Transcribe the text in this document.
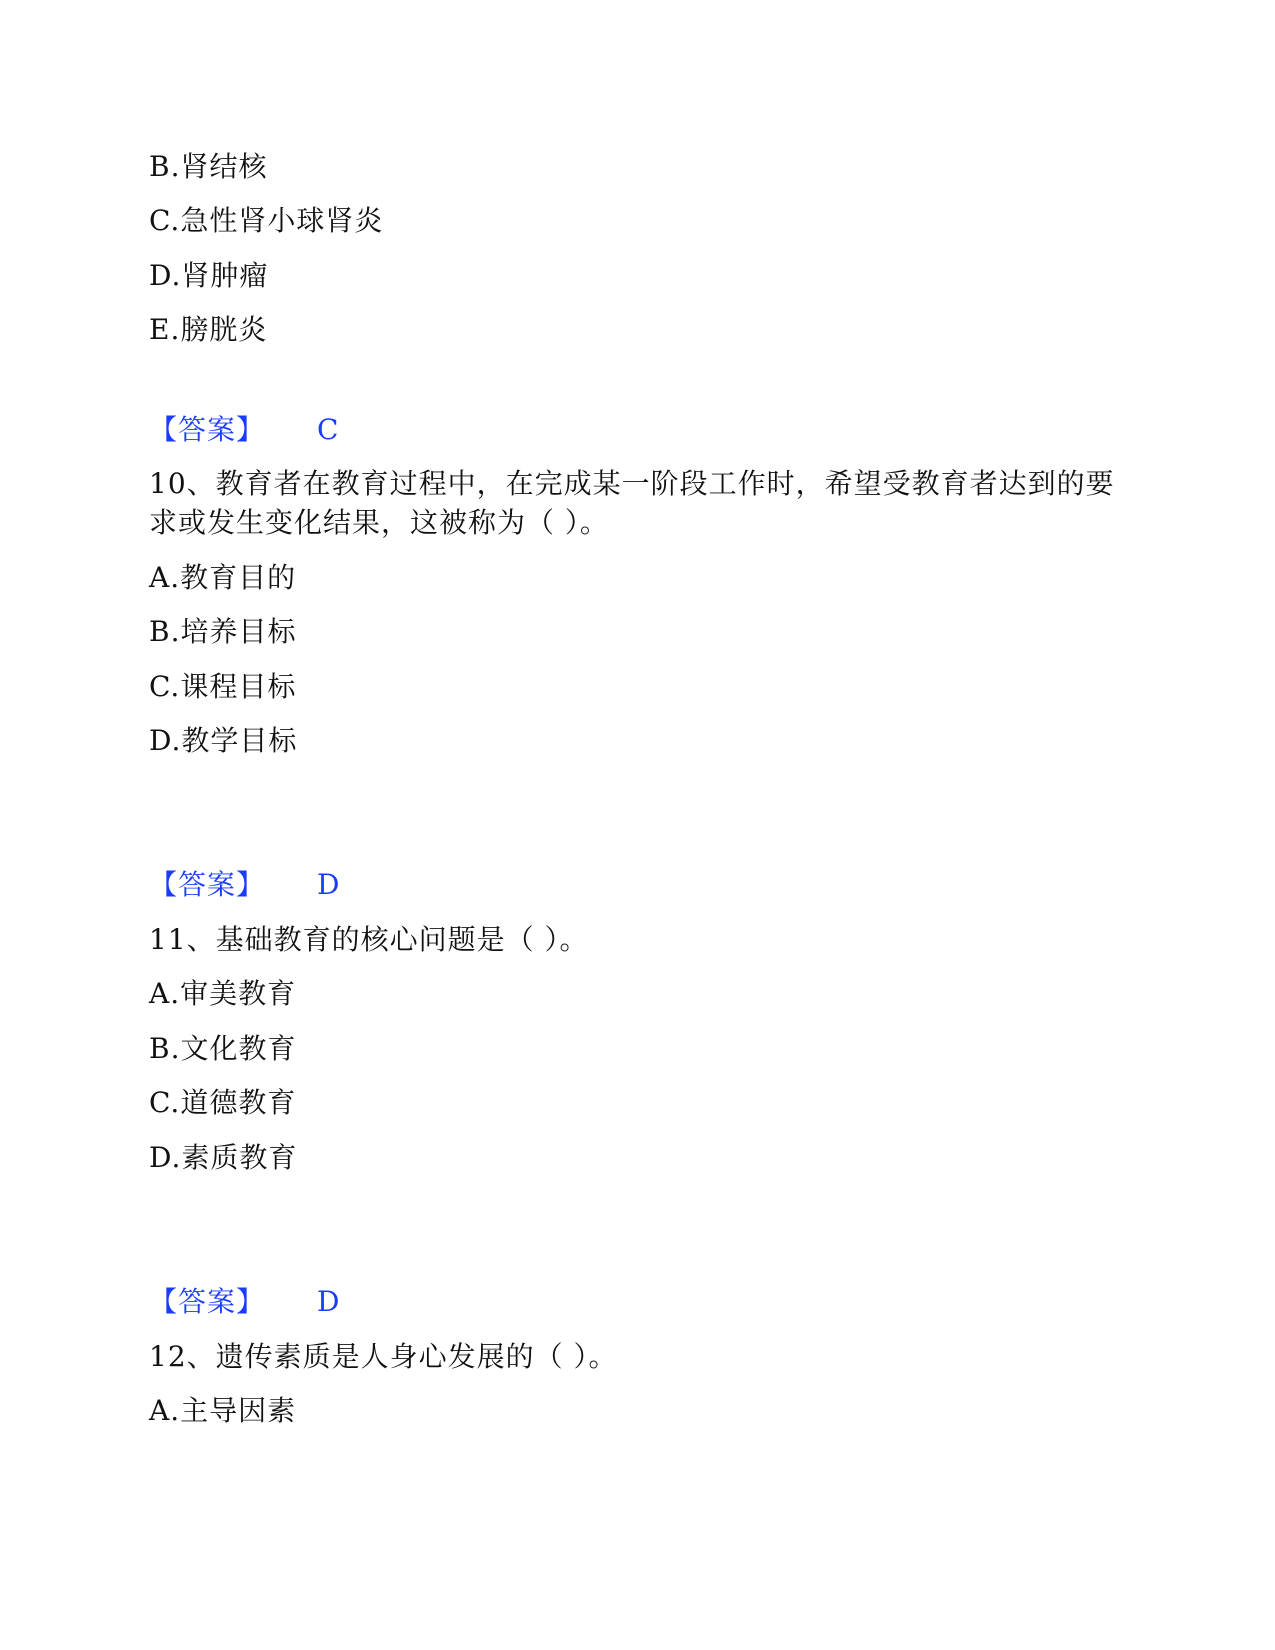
B.肾结核
C.急性肾小球肾炎
D.肾肿瘤
E.膀胱炎
【答案】 C
10、教育者在教育过程中，在完成某一阶段工作时，希望受教育者达到的要
求或发生变化结果，这被称为（ ）。
A.教育目的
B.培养目标
C.课程目标
D.教学目标
【答案】 D
11、基础教育的核心问题是（ ）。
A.审美教育
B.文化教育
C.道德教育
D.素质教育
【答案】 D
12、遗传素质是人身心发展的（ ）。
A.主导因素
